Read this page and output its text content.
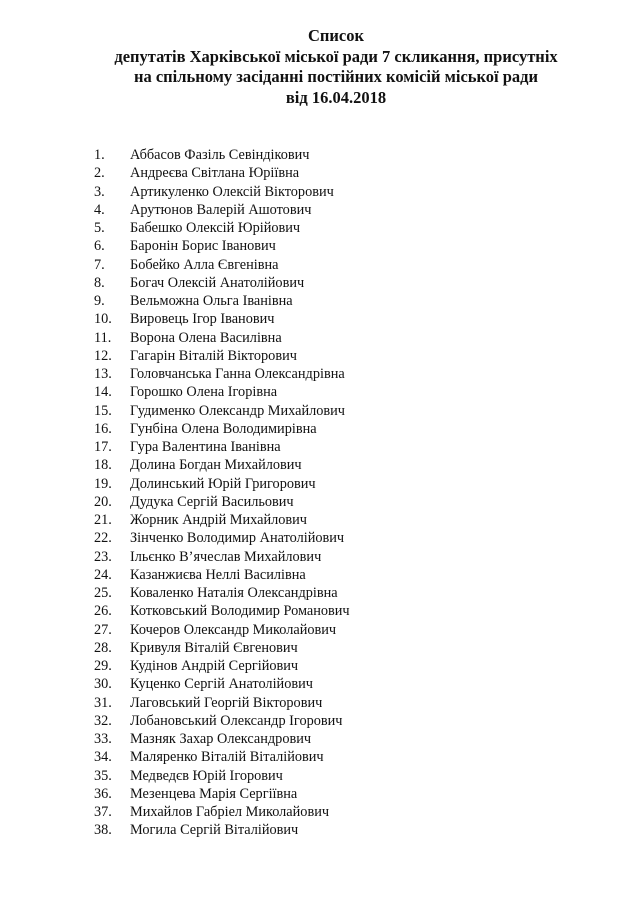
Список
депутатів Харківської міської ради 7 скликання, присутніх
на спільному засіданні постійних комісій міської ради
від 16.04.2018
1. Аббасов Фазіль Севіндікович
2. Андреєва Світлана Юріївна
3. Артикуленко Олексій Вікторович
4. Арутюнов Валерій Ашотович
5. Бабешко Олексій Юрійович
6. Баронін Борис Іванович
7. Бобейко Алла Євгенівна
8. Богач Олексій Анатолійович
9. Вельможна Ольга Іванівна
10. Вировець Ігор Іванович
11. Ворона Олена Василівна
12. Гагарін Віталій Вікторович
13. Головчанська Ганна Олександрівна
14. Горошко Олена Ігорівна
15. Гудименко Олександр Михайлович
16. Гунбіна Олена Володимирівна
17. Гура Валентина Іванівна
18. Долина Богдан Михайлович
19. Долинський Юрій Григорович
20. Дудука Сергій Васильович
21. Жорник Андрій Михайлович
22. Зінченко Володимир Анатолійович
23. Ільєнко В’ячеслав Михайлович
24. Казанжиєва Неллі Василівна
25. Коваленко Наталія Олександрівна
26. Котковський Володимир Романович
27. Кочеров Олександр Миколайович
28. Кривуля Віталій Євгенович
29. Кудінов Андрій Сергійович
30. Куценко Сергій Анатолійович
31. Лаговський Георгій Вікторович
32. Лобановський Олександр Ігорович
33. Мазняк Захар Олександрович
34. Маляренко Віталій Віталійович
35. Медведєв Юрій Ігорович
36. Мезенцева Марія Сергіївна
37. Михайлов Габріел Миколайович
38. Могила Сергій Віталійович
